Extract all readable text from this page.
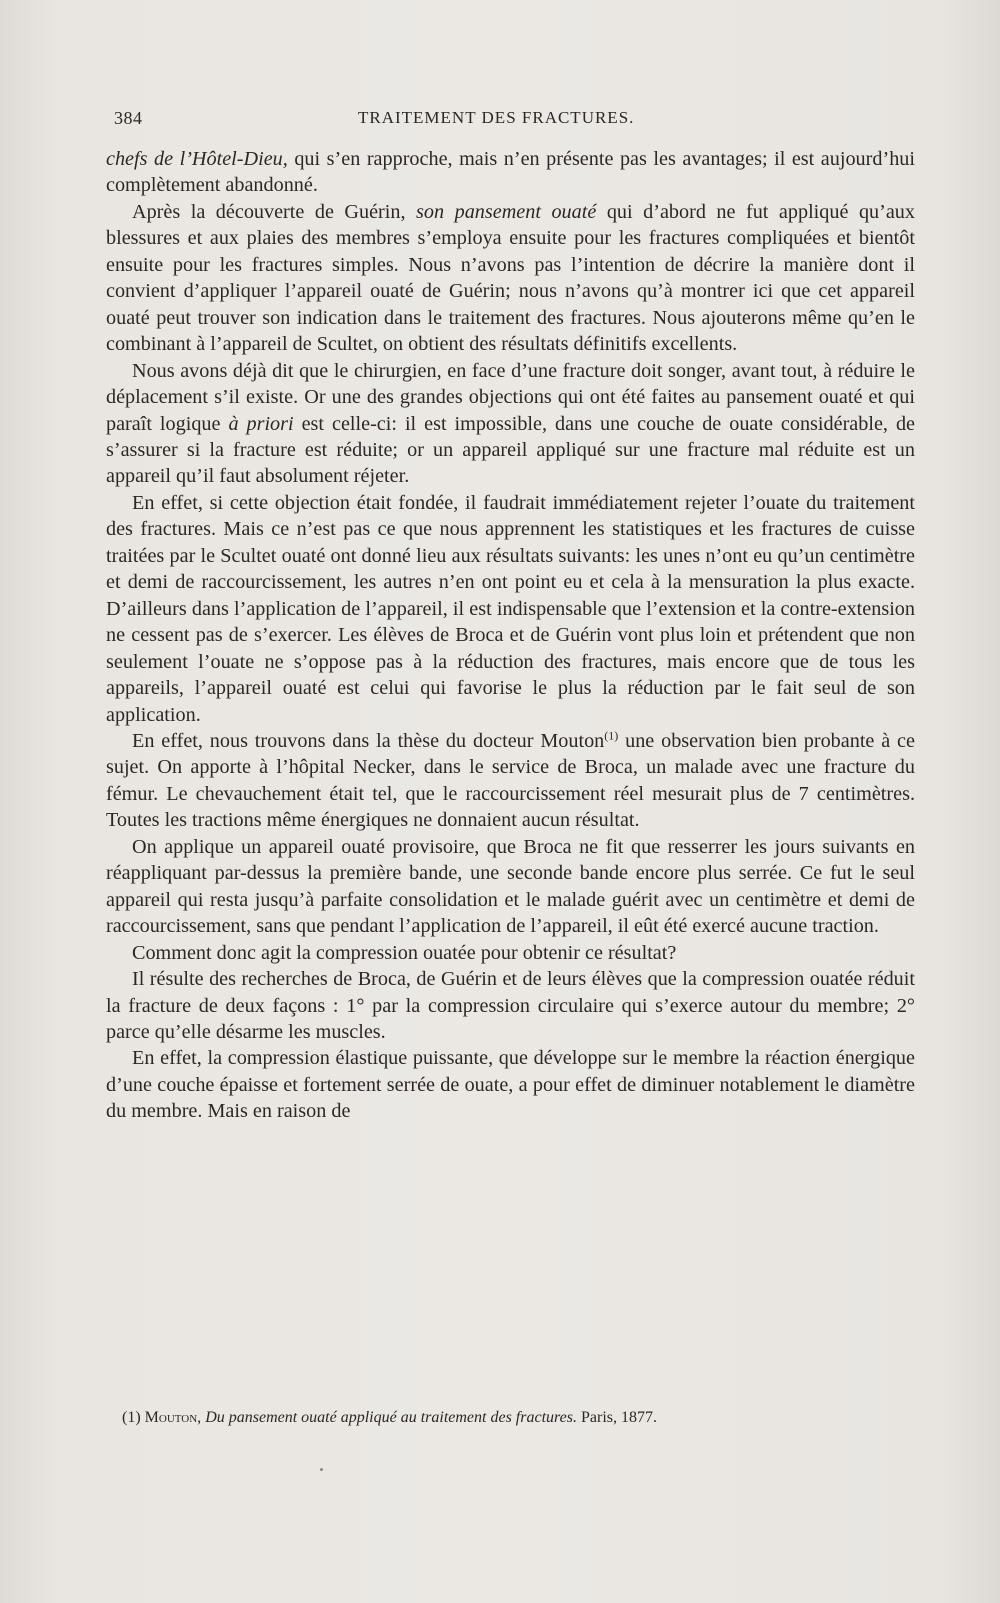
384	TRAITEMENT DES FRACTURES.

chefs de l’Hôtel-Dieu, qui s’en rapproche, mais n’en présente pas les avantages; il est aujourd’hui complètement abandonné.

Après la découverte de Guérin, son pansement ouaté qui d’abord ne fut appliqué qu’aux blessures et aux plaies des membres s’employa ensuite pour les fractures compliquées et bientôt ensuite pour les fractures simples. Nous n’avons pas l’intention de décrire la manière dont il convient d’appliquer l’appareil ouaté de Guérin; nous n’avons qu’à montrer ici que cet appareil ouaté peut trouver son indication dans le traitement des fractures. Nous ajouterons même qu’en le combinant à l’appareil de Scultet, on obtient des résultats définitifs excellents.

Nous avons déjà dit que le chirurgien, en face d’une fracture doit songer, avant tout, à réduire le déplacement s’il existe. Or une des grandes objections qui ont été faites au pansement ouaté et qui paraît logique à priori est celle-ci: il est impossible, dans une couche de ouate considérable, de s’assurer si la fracture est réduite; or un appareil appliqué sur une fracture mal réduite est un appareil qu’il faut absolument réjeter.

En effet, si cette objection était fondée, il faudrait immédiatement rejeter l’ouate du traitement des fractures. Mais ce n’est pas ce que nous apprennent les statistiques et les fractures de cuisse traitées par le Scultet ouaté ont donné lieu aux résultats suivants: les unes n’ont eu qu’un centimètre et demi de raccourcissement, les autres n’en ont point eu et cela à la mensuration la plus exacte. D’ailleurs dans l’application de l’appareil, il est indispensable que l’extension et la contre-extension ne cessent pas de s’exercer. Les élèves de Broca et de Guérin vont plus loin et prétendent que non seulement l’ouate ne s’oppose pas à la réduction des fractures, mais encore que de tous les appareils, l’appareil ouaté est celui qui favorise le plus la réduction par le fait seul de son application.

En effet, nous trouvons dans la thèse du docteur Mouton$^{(1)}$ une observation bien probante à ce sujet. On apporte à l’hôpital Necker, dans le service de Broca, un malade avec une fracture du fémur. Le chevauchement était tel, que le raccourcissement réel mesurait plus de 7 centimètres. Toutes les tractions même énergiques ne donnaient aucun résultat.

On applique un appareil ouaté provisoire, que Broca ne fit que resserrer les jours suivants en réappliquant par-dessus la première bande, une seconde bande encore plus serrée. Ce fut le seul appareil qui resta jusqu’à parfaite consolidation et le malade guérit avec un centimètre et demi de raccourcissement, sans que pendant l’application de l’appareil, il eût été exercé aucune traction.

Comment donc agit la compression ouatée pour obtenir ce résultat?

Il résulte des recherches de Broca, de Guérin et de leurs élèves que la compression ouatée réduit la fracture de deux façons : 1° par la compression circulaire qui s’exerce autour du membre; 2° parce qu’elle désarme les muscles.

En effet, la compression élastique puissante, que développe sur le membre la réaction énergique d’une couche épaisse et fortement serrée de ouate, a pour effet de diminuer notablement le diamètre du membre. Mais en raison de

(1) Mouton, Du pansement ouaté appliqué au traitement des fractures. Paris, 1877.
